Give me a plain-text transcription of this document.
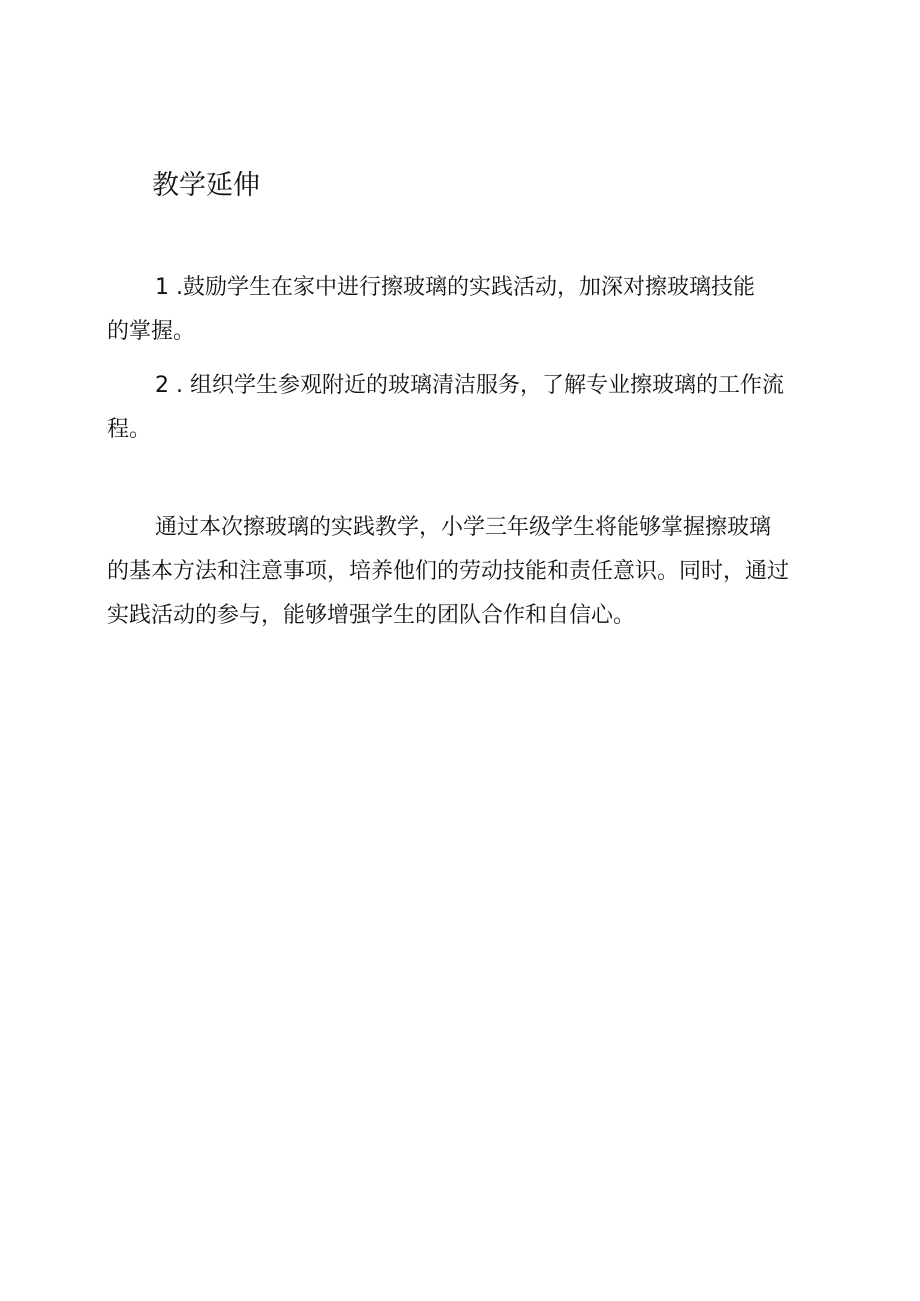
教学延伸
1 .鼓励学生在家中进行擦玻璃的实践活动，加深对擦玻璃技能
的掌握。
2 . 组织学生参观附近的玻璃清洁服务，了解专业擦玻璃的工作流
程。
通过本次擦玻璃的实践教学，小学三年级学生将能够掌握擦玻璃
的基本方法和注意事项，培养他们的劳动技能和责任意识。同时，通过
实践活动的参与，能够增强学生的团队合作和自信心。
